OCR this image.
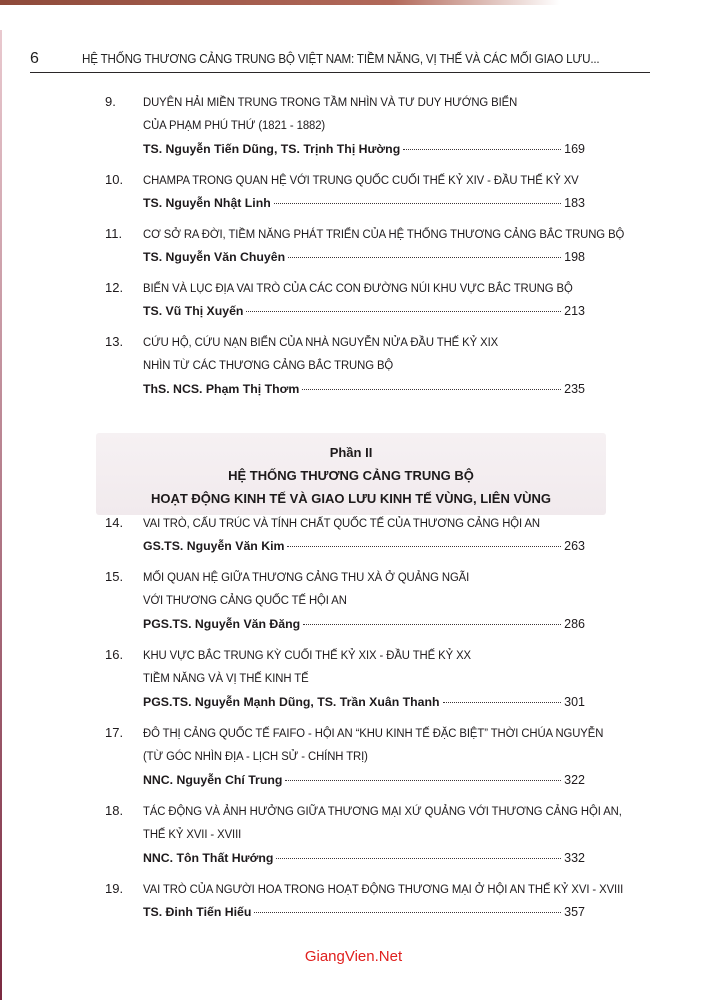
6	HỆ THỐNG THƯƠNG CẢNG TRUNG BỘ VIỆT NAM: TIỀM NĂNG, VỊ THẾ VÀ CÁC MỐI GIAO LƯU...
9.	DUYÊN HẢI MIỀN TRUNG TRONG TẦM NHÌN VÀ TƯ DUY HƯỚNG BIỂN
CỦA PHẠM PHÚ THỨ (1821 - 1882)
TS. Nguyễn Tiến Dũng, TS. Trịnh Thị Hường	169
10.	CHAMPA TRONG QUAN HỆ VỚI TRUNG QUỐC CUỐI THẾ KỶ XIV - ĐẦU THẾ KỶ XV
TS. Nguyễn Nhật Linh	183
11.	CƠ SỞ RA ĐỜI, TIỀM NĂNG PHÁT TRIỂN CỦA HỆ THỐNG THƯƠNG CẢNG BẮC TRUNG BỘ
TS. Nguyễn Văn Chuyên	198
12.	BIỂN VÀ LỤC ĐỊA VAI TRÒ CỦA CÁC CON ĐƯỜNG NÚI KHU VỰC BẮC TRUNG BỘ
TS. Vũ Thị Xuyến	213
13.	CỨU HỘ, CỨU NẠN BIỂN CỦA NHÀ NGUYỄN NỬA ĐẦU THẾ KỶ XIX
NHÌN TỪ CÁC THƯƠNG CẢNG BẮC TRUNG BỘ
ThS. NCS. Phạm Thị Thơm	235
Phần II
HỆ THỐNG THƯƠNG CẢNG TRUNG BỘ
HOẠT ĐỘNG KINH TẾ VÀ GIAO LƯU KINH TẾ VÙNG, LIÊN VÙNG
14.	VAI TRÒ, CẤU TRÚC VÀ TÍNH CHẤT QUỐC TẾ CỦA THƯƠNG CẢNG HỘI AN
GS.TS. Nguyễn Văn Kim	263
15.	MỐI QUAN HỆ GIỮA THƯƠNG CẢNG THU XÀ Ở QUẢNG NGÃI
VỚI THƯƠNG CẢNG QUỐC TẾ HỘI AN
PGS.TS. Nguyễn Văn Đăng	286
16.	KHU VỰC BẮC TRUNG KỲ CUỐI THẾ KỶ XIX - ĐẦU THẾ KỶ XX
TIỀM NĂNG VÀ VỊ THẾ KINH TẾ
PGS.TS. Nguyễn Mạnh Dũng, TS. Trần Xuân Thanh	301
17.	ĐÔ THỊ CẢNG QUỐC TẾ FAIFO - HỘI AN “KHU KINH TẾ ĐẶC BIỆT” THỜI CHÚA NGUYỄN
(TỪ GÓC NHÌN ĐỊA - LỊCH SỬ - CHÍNH TRỊ)
NNC. Nguyễn Chí Trung	322
18.	TÁC ĐỘNG VÀ ẢNH HƯỞNG GIỮA THƯƠNG MẠI XỨ QUẢNG VỚI THƯƠNG CẢNG HỘI AN,
THẾ KỶ XVII - XVIII
NNC. Tôn Thất Hướng	332
19.	VAI TRÒ CỦA NGƯỜI HOA TRONG HOẠT ĐỘNG THƯƠNG MẠI Ở HỘI AN THẾ KỶ XVI - XVIII
TS. Đinh Tiến Hiếu	357
GiangVien.Net
